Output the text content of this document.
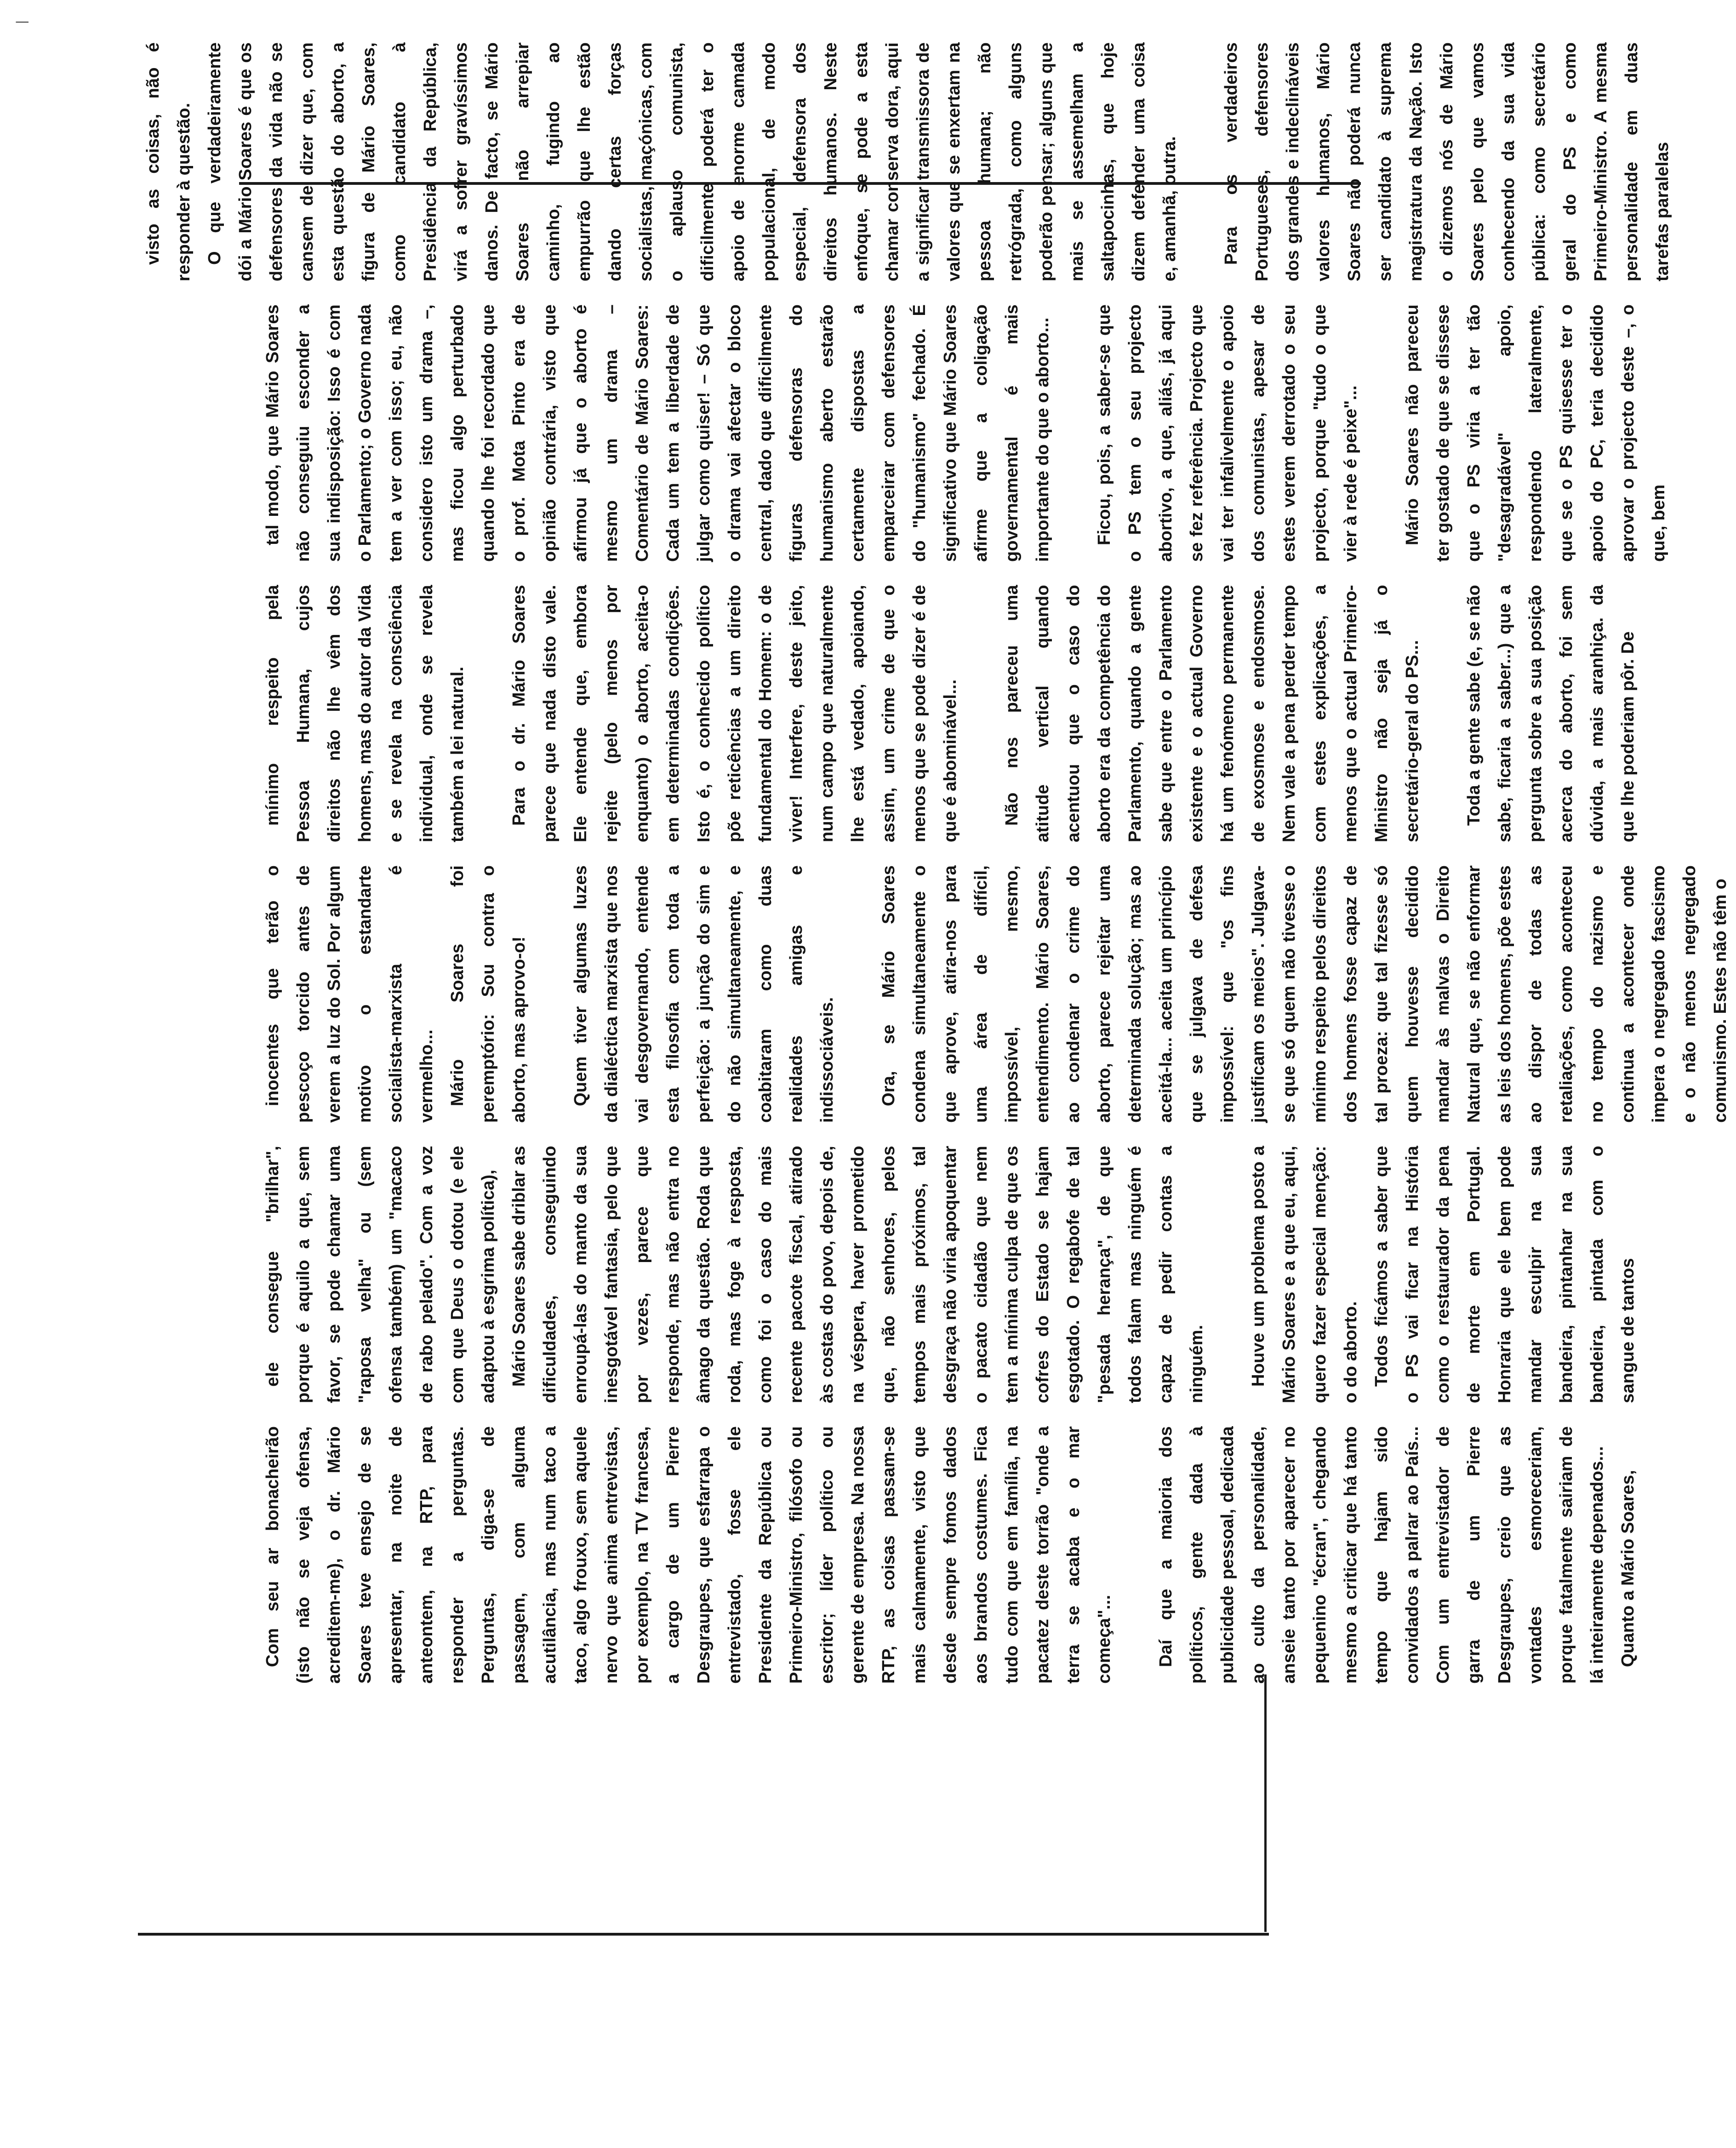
|

Com seu ar bonacheirão (isto não se veja ofensa, acreditem-me), o dr. Mário Soares teve ensejo de se apresentar, na noite de anteontem, na RTP, para responder a perguntas. Perguntas, diga-se de passagem, com alguma acutilância, mas num taco a taco, algo frouxo, sem aquele nervo que anima entrevistas, por exemplo, na TV francesa, a cargo de um Pierre Desgraupes, que esfarrapa o entrevistado, fosse ele Presidente da República ou Primeiro-Ministro, filósofo ou escritor; líder político ou gerente de empresa. Na nossa RTP, as coisas passam-se mais calmamente, visto que desde sempre fomos dados aos brandos costumes. Fica tudo com que em família, na pacatez deste torrão "onde a terra se acaba e o mar começa"...	Daí que a maioria dos políticos, gente dada à publicidade pessoal, dedicada ao culto da personalidade, anseie tanto por aparecer no pequenino "écran", chegando mesmo a criticar que há tanto tempo que hajam sido convidados a palrar ao País... Com um entrevistador de garra de um Pierre Desgraupes, creio que as vontades esmoreceriam, porque fatalmente sairiam de lá inteiramente depenados... Quanto a Mário Soares,

ele consegue "brilhar", porque é aquilo a que, sem favor, se pode chamar uma "raposa velha" ou (sem ofensa também) um "macaco de rabo pelado". Com a voz com que Deus o dotou (e ele adaptou à esgrima política), Mário Soares sabe driblar as dificuldades, conseguindo enroupá-las do manto da sua inesgotável fantasia, pelo que por vezes, parece que responde, mas não entra no âmago da questão. Roda que roda, mas foge à resposta, como foi o caso do mais recente pacote fiscal, atirado às costas do povo, depois de, na véspera, haver prometido que, não senhores, pelos tempos mais próximos, tal desgraça não viria apoquentar o pacato cidadão que nem tem a mínima culpa de que os cofres do Estado se hajam esgotado. O regabofe de tal "pesada herança", de que todos falam mas ninguém é capaz de pedir contas a ninguém.	Houve um problema posto a Mário Soares e a que eu, aqui, quero fazer especial menção: o do aborto. Todos ficámos a saber que o PS vai ficar na História como o restaurador da pena de morte em Portugal. Honraria que ele bem pode mandar esculpir na sua bandeira, pintanhar na sua bandeira, pintada com o sangue de tantos

inocentes que terão o pescoço torcido antes de verem a luz do Sol. Por algum motivo o estandarte socialista-marxista é vermelho... Mário Soares foi peremptório: Sou contra o aborto, mas aprovo-o!	Quem tiver algumas luzes da dialéctica marxista que nos vai desgovernando, entende esta filosofia com toda a perfeição: a junção do sim e do não simultaneamente, e coabitaram como duas realidades amigas e indissociáveis.	Ora, se Mário Soares condena simultaneamente o que aprove, atira-nos para uma área de difícil, impossível, mesmo, entendimento. Mário Soares, ao condenar o crime do aborto, parece rejeitar uma determinada solução; mas ao aceitá-la... aceita um princípio que se julgava de defesa impossível: que "os fins justificam os meios". Julgava-se que só quem não tivesse o mínimo respeito pelos direitos dos homens fosse capaz de tal proeza: que tal fizesse só quem houvesse decidido mandar às malvas o Direito Natural que, se não enformar as leis dos homens, põe estes ao dispor de todas as retaliações, como aconteceu no tempo do nazismo e continua a acontecer onde impera o negregado fascismo e o não menos negregado comunismo. Estes não têm o

mínimo respeito pela Pessoa Humana, cujos direitos não lhe vêm dos homens, mas do autor da Vida e se revela na consciência individual, onde se revela também a lei natural.	Para o dr. Mário Soares parece que nada disto vale. Ele entende que, embora rejeite (pelo menos por enquanto) o aborto, aceita-o em determinadas condições. Isto é, o conhecido político põe reticências a um direito fundamental do Homem: o de viver! Interfere, deste jeito, num campo que naturalmente lhe está vedado, apoiando, assim, um crime de que o menos que se pode dizer é de que é abominável...	Não nos pareceu uma atitude vertical quando acentuou que o caso do aborto era da competência do Parlamento, quando a gente sabe que entre o Parlamento existente e o actual Governo há um fenómeno permanente de exosmose e endosmose. Nem vale a pena perder tempo com estes explicações, a menos que o actual Primeiro-Ministro não seja já o secretário-geral do PS...	Toda a gente sabe (e, se não sabe, ficaria a saber...) que a pergunta sobre a sua posição acerca do aborto, foi sem dúvida, a mais aranhiça. da que lhe poderiam pôr. De

tal modo, que Mário Soares não conseguiu esconder a sua indisposição: Isso é com o Parlamento; o Governo nada tem a ver com isso; eu, não considero isto um drama –, mas ficou algo perturbado quando lhe foi recordado que o prof. Mota Pinto era de opinião contrária, visto que afirmou já que o aborto é mesmo um drama – Comentário de Mário Soares: Cada um tem a liberdade de julgar como quiser! – Só que o drama vai afectar o bloco central, dado que dificilmente figuras defensoras do humanismo aberto estarão certamente dispostas a emparceirar com defensores do "humanismo" fechado. É significativo que Mário Soares afirme que a coligação governamental é mais importante do que o aborto...	Ficou, pois, a saber-se que o PS tem o seu projecto abortivo, a que, aliás, já aqui se fez referência. Projecto que vai ter infalivelmente o apoio dos comunistas, apesar de estes verem derrotado o seu projecto, porque "tudo o que vier à rede é peixe"...	Mário Soares não pareceu ter gostado de que se dissese que o PS viria a ter tão "desagradável" apoio, respondendo lateralmente, que se o PS quisesse ter o apoio do PC, teria decidido aprovar o projecto deste –, o que, bem

visto as coisas, não é responder à questão. O que verdadeiramente dói a Mário Soares é que os defensores da vida não se cansem de dizer que, com esta questão do aborto, a figura de Mário Soares, como candidato à Presidência da República, virá a sofrer gravíssimos danos. De facto, se Mário Soares não arrepiar caminho, fugindo ao empurrão que lhe estão dando certas forças socialistas, maçónicas, com o aplauso comunista, dificilmente poderá ter o apoio de enorme camada populacional, de modo especial, defensora dos direitos humanos. Neste enfoque, se pode a esta chamar conserva dora, aqui a significar transmissora de valores que se enxertam na pessoa humana; não retrógrada, como alguns poderão pensar; alguns que mais se assemelham a saltapocinhas, que hoje dizem defender uma coisa e, amanhã, outra.	Para os verdadeiros Portugueses, defensores dos grandes e indeclináveis valores humanos, Mário Soares não poderá nunca ser candidato à suprema magistratura da Nação. Isto o dizemos nós de Mário Soares pelo que vamos conhecendo da sua vida pública: como secretário geral do PS e como Primeiro-Ministro. A mesma personalidade em duas tarefas paralelas
